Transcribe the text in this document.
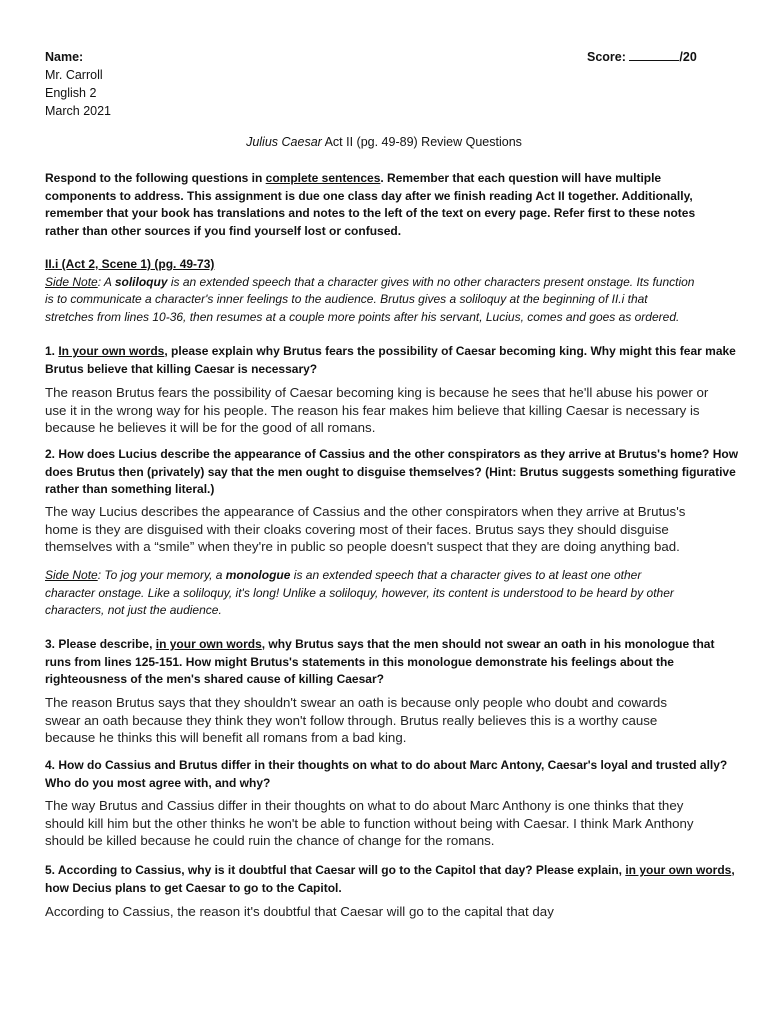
Name:
Mr. Carroll
English 2
March 2021
Score:	/20
Julius Caesar Act II (pg. 49-89) Review Questions
Respond to the following questions in complete sentences. Remember that each question will have multiple
components to address. This assignment is due one class day after we finish reading Act II together. Additionally,
remember that your book has translations and notes to the left of the text on every page. Refer first to these notes
rather than other sources if you find yourself lost or confused.
II.i (Act 2, Scene 1) (pg. 49-73)
Side Note: A soliloquy is an extended speech that a character gives with no other characters present onstage. Its function
is to communicate a character's inner feelings to the audience. Brutus gives a soliloquy at the beginning of II.i that
stretches from lines 10-36, then resumes at a couple more points after his servant, Lucius, comes and goes as ordered.
1. In your own words, please explain why Brutus fears the possibility of Caesar becoming king. Why might this fear make
Brutus believe that killing Caesar is necessary?
The reason Brutus fears the possibility of Caesar becoming king is because he sees that he'll abuse his power or
use it in the wrong way for his people. The reason his fear makes him believe that killing Caesar is necessary is
because he believes it will be for the good of all romans.
2. How does Lucius describe the appearance of Cassius and the other conspirators as they arrive at Brutus's home? How
does Brutus then (privately) say that the men ought to disguise themselves? (Hint: Brutus suggests something figurative
rather than something literal.)
The way Lucius describes the appearance of Cassius and the other conspirators when they arrive at Brutus's
home is they are disguised with their cloaks covering most of their faces. Brutus says they should disguise
themselves with a “smile” when they're in public so people doesn't suspect that they are doing anything bad.
Side Note: To jog your memory, a monologue is an extended speech that a character gives to at least one other
character onstage. Like a soliloquy, it's long! Unlike a soliloquy, however, its content is understood to be heard by other
characters, not just the audience.
3. Please describe, in your own words, why Brutus says that the men should not swear an oath in his monologue that
runs from lines 125-151. How might Brutus's statements in this monologue demonstrate his feelings about the
righteousness of the men's shared cause of killing Caesar?
The reason Brutus says that they shouldn't swear an oath is because only people who doubt and cowards
swear an oath because they think they won't follow through. Brutus really believes this is a worthy cause
because he thinks this will benefit all romans from a bad king.
4. How do Cassius and Brutus differ in their thoughts on what to do about Marc Antony, Caesar's loyal and trusted ally?
Who do you most agree with, and why?
The way Brutus and Cassius differ in their thoughts on what to do about Marc Anthony is one thinks that they
should kill him but the other thinks he won't be able to function without being with Caesar. I think Mark Anthony
should be killed because he could ruin the chance of change for the romans.
5. According to Cassius, why is it doubtful that Caesar will go to the Capitol that day? Please explain, in your own words,
how Decius plans to get Caesar to go to the Capitol.
According to Cassius, the reason it's doubtful that Caesar will go to the capital that day
